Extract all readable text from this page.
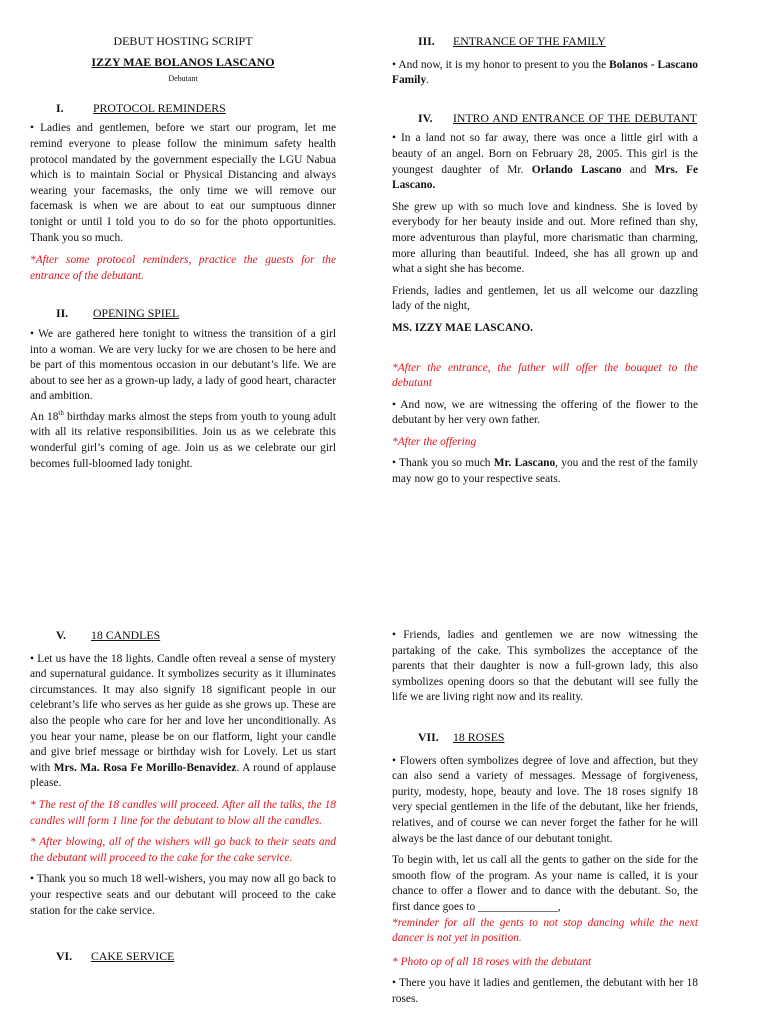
DEBUT HOSTING SCRIPT

IZZY MAE BOLANOS LASCANO

Debutant

I.	PROTOCOL REMINDERS

• Ladies and gentlemen, before we start our program, let me remind everyone to please follow the minimum safety health protocol mandated by the government especially the LGU Nabua which is to maintain Social or Physical Distancing and always wearing your facemasks, the only time we will remove our facemask is when we are about to eat our sumptuous dinner tonight or until I told you to do so for the photo opportunities. Thank you so much.

*After some protocol reminders, practice the guests for the entrance of the debutant.

II.	OPENING SPIEL

• We are gathered here tonight to witness the transition of a girl into a woman. We are very lucky for we are chosen to be here and be part of this momentous occasion in our debutant’s life. We are about to see her as a grown-up lady, a lady of good heart, character and ambition.

An 18th birthday marks almost the steps from youth to young adult with all its relative responsibilities. Join us as we celebrate this wonderful girl’s coming of age. Join us as we celebrate our girl becomes full-bloomed lady tonight.

III.	ENTRANCE OF THE FAMILY

• And now, it is my honor to present to you the Bolanos - Lascano Family.

IV.	INTRO AND ENTRANCE OF THE DEBUTANT

• In a land not so far away, there was once a little girl with a beauty of an angel. Born on February 28, 2005. This girl is the youngest daughter of Mr. Orlando Lascano and Mrs. Fe Lascano.

She grew up with so much love and kindness. She is loved by everybody for her beauty inside and out. More refined than shy, more adventurous than playful, more charismatic than charming, more alluring than beautiful. Indeed, she has all grown up and what a sight she has become.

Friends, ladies and gentlemen, let us all welcome our dazzling lady of the night,

MS. IZZY MAE LASCANO.

*After the entrance, the father will offer the bouquet to the debutant

• And now, we are witnessing the offering of the flower to the debutant by her very own father.

*After the offering

• Thank you so much Mr. Lascano, you and the rest of the family may now go to your respective seats.

V.	18 CANDLES

• Let us have the 18 lights. Candle often reveal a sense of mystery and supernatural guidance. It symbolizes security as it illuminates circumstances. It may also signify 18 significant people in our celebrant’s life who serves as her guide as she grows up. These are also the people who care for her and love her unconditionally. As you hear your name, please be on our flatform, light your candle and give brief message or birthday wish for Lovely. Let us start with Mrs. Ma. Rosa Fe Morillo-Benavidez. A round of applause please.

* The rest of the 18 candles will proceed. After all the talks, the 18 candles will form 1 line for the debutant to blow all the candles.

* After blowing, all of the wishers will go back to their seats and the debutant will proceed to the cake for the cake service.

• Thank you so much 18 well-wishers, you may now all go back to your respective seats and our debutant will proceed to the cake station for the cake service.

VI.	CAKE SERVICE

• Friends, ladies and gentlemen we are now witnessing the partaking of the cake. This symbolizes the acceptance of the parents that their daughter is now a full-grown lady, this also symbolizes opening doors so that the debutant will see fully the life we are living right now and its reality.

VII.	18 ROSES

• Flowers often symbolizes degree of love and affection, but they can also send a variety of messages. Message of forgiveness, purity, modesty, hope, beauty and love. The 18 roses signify 18 very special gentlemen in the life of the debutant, like her friends, relatives, and of course we can never forget the father for he will always be the last dance of our debutant tonight.

To begin with, let us call all the gents to gather on the side for the smooth flow of the program. As your name is called, it is your chance to offer a flower and to dance with the debutant. So, the first dance goes to ______________,

*reminder for all the gents to not stop dancing while the next dancer is not yet in position.

* Photo op of all 18 roses with the debutant

• There you have it ladies and gentlemen, the debutant with her 18 roses.
